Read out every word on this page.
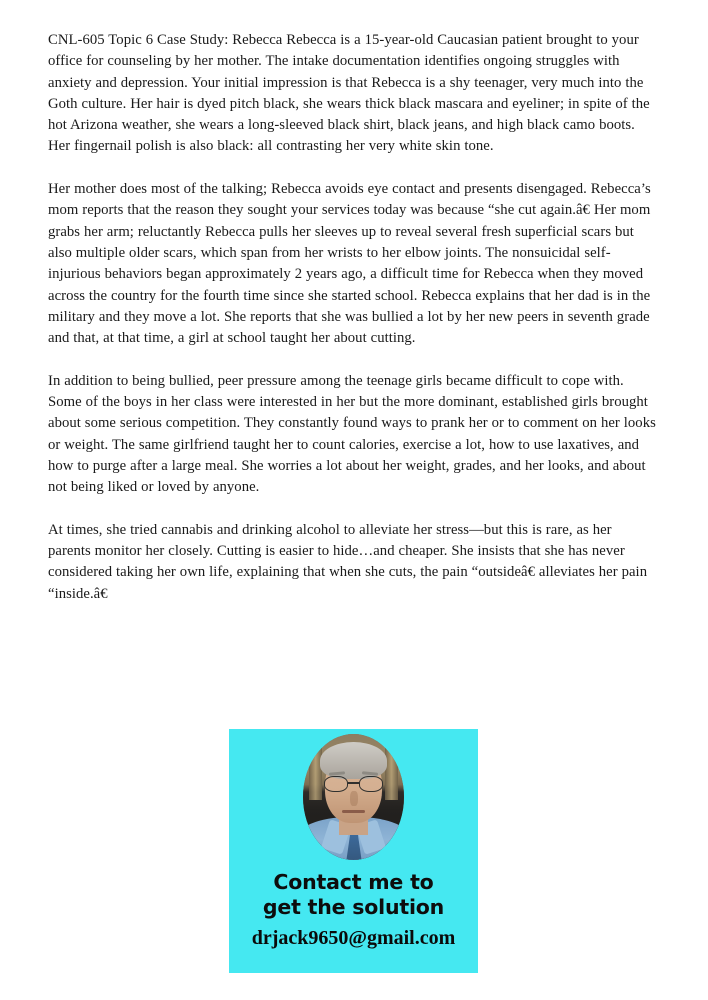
CNL-605 Topic 6 Case Study: Rebecca Rebecca is a 15-year-old Caucasian patient brought to your office for counseling by her mother. The intake documentation identifies ongoing struggles with anxiety and depression. Your initial impression is that Rebecca is a shy teenager, very much into the Goth culture. Her hair is dyed pitch black, she wears thick black mascara and eyeliner; in spite of the hot Arizona weather, she wears a long-sleeved black shirt, black jeans, and high black camo boots. Her fingernail polish is also black: all contrasting her very white skin tone.

Her mother does most of the talking; Rebecca avoids eye contact and presents disengaged. Rebecca’s mom reports that the reason they sought your services today was because “she cut again.â€ Her mom grabs her arm; reluctantly Rebecca pulls her sleeves up to reveal several fresh superficial scars but also multiple older scars, which span from her wrists to her elbow joints. The nonsuicidal self-injurious behaviors began approximately 2 years ago, a difficult time for Rebecca when they moved across the country for the fourth time since she started school. Rebecca explains that her dad is in the military and they move a lot. She reports that she was bullied a lot by her new peers in seventh grade and that, at that time, a girl at school taught her about cutting.

In addition to being bullied, peer pressure among the teenage girls became difficult to cope with. Some of the boys in her class were interested in her but the more dominant, established girls brought about some serious competition. They constantly found ways to prank her or to comment on her looks or weight. The same girlfriend taught her to count calories, exercise a lot, how to use laxatives, and how to purge after a large meal. She worries a lot about her weight, grades, and her looks, and about not being liked or loved by anyone.

At times, she tried cannabis and drinking alcohol to alleviate her stress—but this is rare, as her parents monitor her closely. Cutting is easier to hide…and cheaper. She insists that she has never considered taking her own life, explaining that when she cuts, the pain “outsideâ€ alleviates her pain “inside.â€

Contact me to
get the solution
drjack9650@gmail.com
